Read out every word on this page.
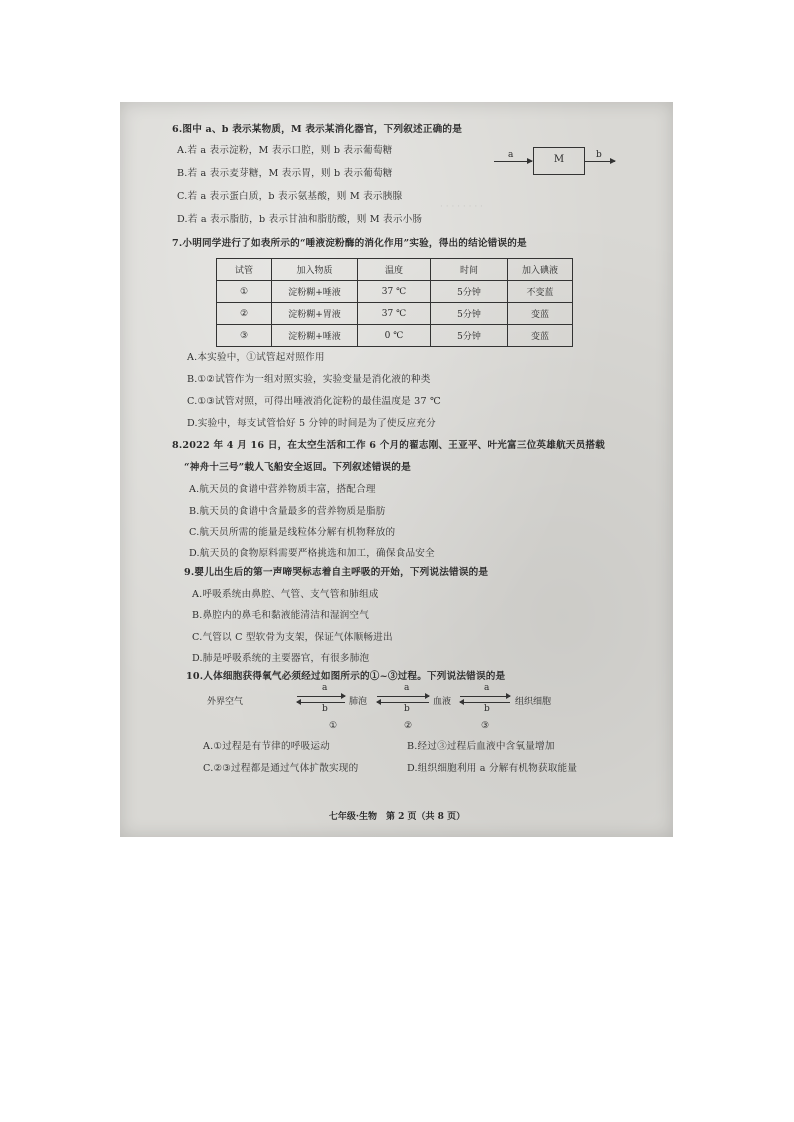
· · · · · · · ·
6.图中 a、b 表示某物质，M 表示某消化器官，下列叙述正确的是
A.若 a 表示淀粉，M 表示口腔，则 b 表示葡萄糖
B.若 a 表示麦芽糖，M 表示胃，则 b 表示葡萄糖
C.若 a 表示蛋白质，b 表示氨基酸，则 M 表示胰腺
D.若 a 表示脂肪，b 表示甘油和脂肪酸，则 M 表示小肠
a	M	b
7.小明同学进行了如表所示的“唾液淀粉酶的消化作用”实验，得出的结论错误的是
试管	加入物质	温度	时间	加入碘液
①	淀粉糊+唾液	37 ℃	5分钟	不变蓝
②	淀粉糊+胃液	37 ℃	5分钟	变蓝
③	淀粉糊+唾液	0 ℃	5分钟	变蓝
A.本实验中，①试管起对照作用
B.①②试管作为一组对照实验，实验变量是消化液的种类
C.①③试管对照，可得出唾液消化淀粉的最佳温度是 37 ℃
D.实验中，每支试管恰好 5 分钟的时间是为了使反应充分
8.2022 年 4 月 16 日，在太空生活和工作 6 个月的翟志刚、王亚平、叶光富三位英雄航天员搭载
“神舟十三号”载人飞船安全返回。下列叙述错误的是
A.航天员的食谱中营养物质丰富，搭配合理
B.航天员的食谱中含量最多的营养物质是脂肪
C.航天员所需的能量是线粒体分解有机物释放的
D.航天员的食物原料需要严格挑选和加工，确保食品安全
9.婴儿出生后的第一声啼哭标志着自主呼吸的开始，下列说法错误的是
A.呼吸系统由鼻腔、气管、支气管和肺组成
B.鼻腔内的鼻毛和黏液能清洁和湿润空气
C.气管以 C 型软骨为支架，保证气体顺畅进出
D.肺是呼吸系统的主要器官，有很多肺泡
10.人体细胞获得氧气必须经过如图所示的①~③过程。下列说法错误的是
外界空气	肺泡	血液	组织细胞
a
b
①
a
b
②
a
b
③
A.①过程是有节律的呼吸运动	B.经过③过程后血液中含氧量增加
C.②③过程都是通过气体扩散实现的	D.组织细胞利用 a 分解有机物获取能量
七年级·生物　第 2 页（共 8 页）
